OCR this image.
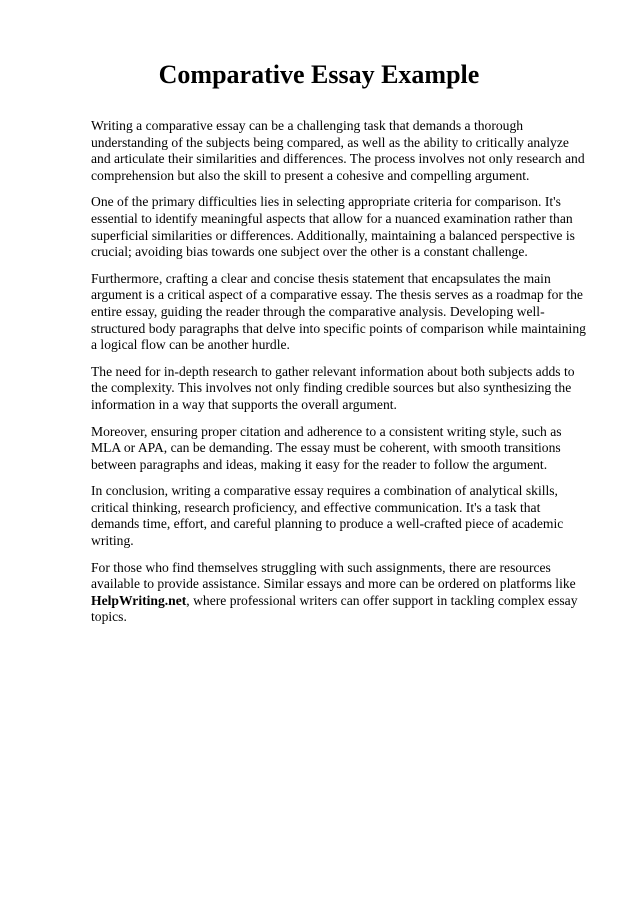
Comparative Essay Example

Writing a comparative essay can be a challenging task that demands a thorough understanding of the subjects being compared, as well as the ability to critically analyze and articulate their similarities and differences. The process involves not only research and comprehension but also the skill to present a cohesive and compelling argument.

One of the primary difficulties lies in selecting appropriate criteria for comparison. It's essential to identify meaningful aspects that allow for a nuanced examination rather than superficial similarities or differences. Additionally, maintaining a balanced perspective is crucial; avoiding bias towards one subject over the other is a constant challenge.

Furthermore, crafting a clear and concise thesis statement that encapsulates the main argument is a critical aspect of a comparative essay. The thesis serves as a roadmap for the entire essay, guiding the reader through the comparative analysis. Developing well-structured body paragraphs that delve into specific points of comparison while maintaining a logical flow can be another hurdle.

The need for in-depth research to gather relevant information about both subjects adds to the complexity. This involves not only finding credible sources but also synthesizing the information in a way that supports the overall argument.

Moreover, ensuring proper citation and adherence to a consistent writing style, such as MLA or APA, can be demanding. The essay must be coherent, with smooth transitions between paragraphs and ideas, making it easy for the reader to follow the argument.

In conclusion, writing a comparative essay requires a combination of analytical skills, critical thinking, research proficiency, and effective communication. It's a task that demands time, effort, and careful planning to produce a well-crafted piece of academic writing.

For those who find themselves struggling with such assignments, there are resources available to provide assistance. Similar essays and more can be ordered on platforms like HelpWriting.net, where professional writers can offer support in tackling complex essay topics.
